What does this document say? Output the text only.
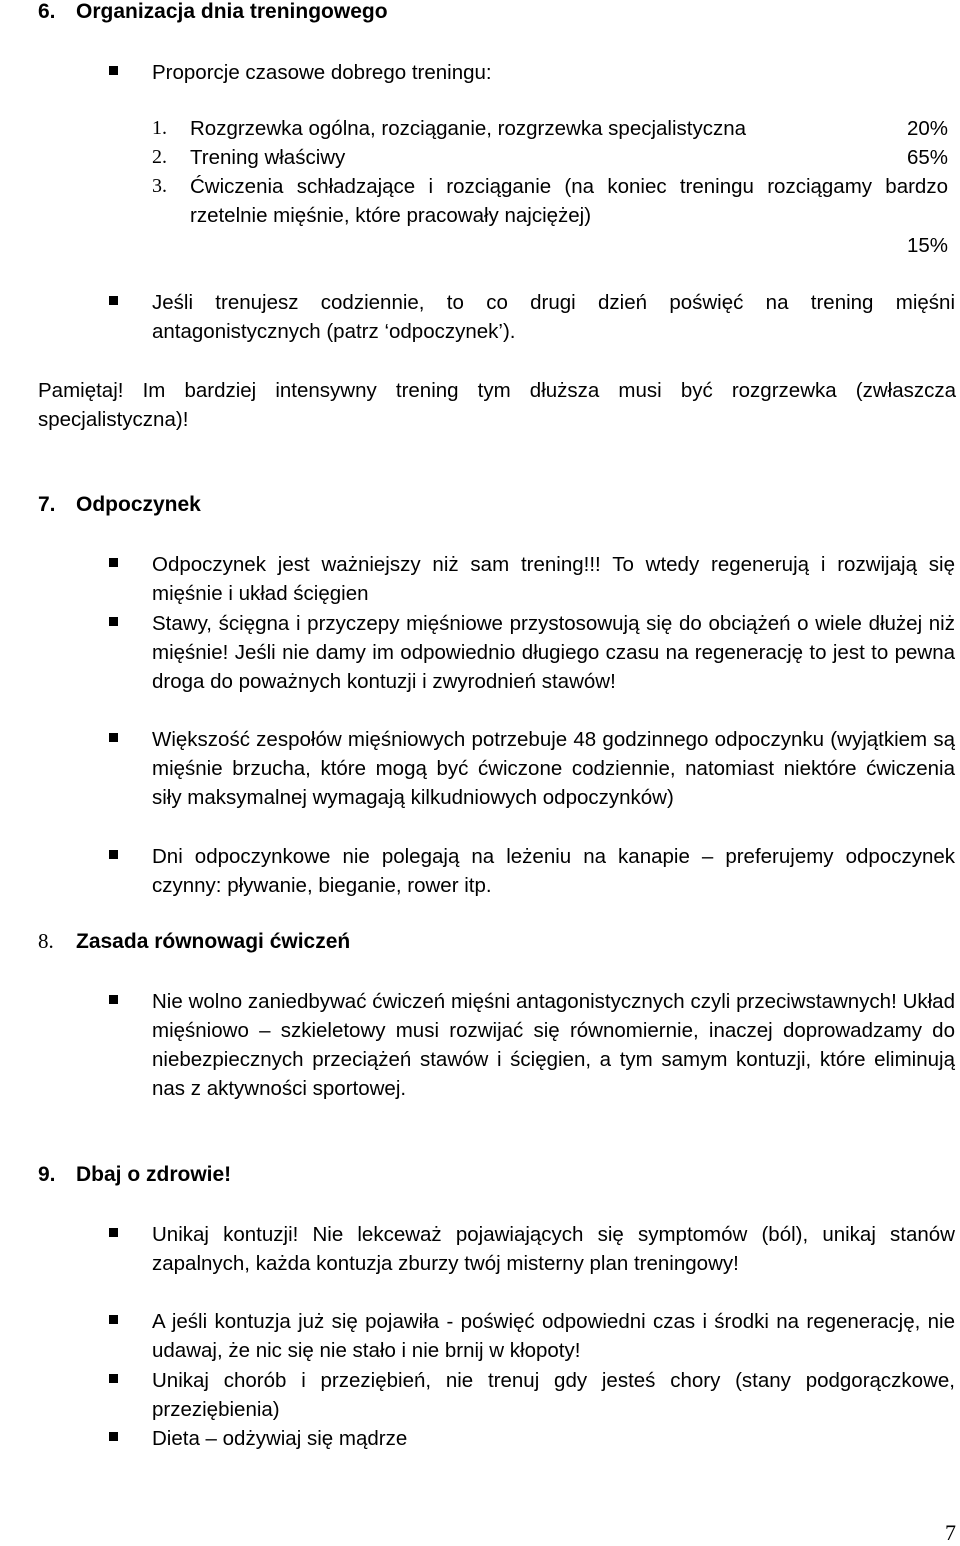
6. Organizacja dnia treningowego
Proporcje czasowe dobrego treningu:
1. Rozgrzewka ogólna, rozciąganie, rozgrzewka specjalistyczna	20%
2. Trening właściwy	65%
3. Ćwiczenia schładzające i rozciąganie (na koniec treningu rozciągamy bardzo rzetelnie mięśnie, które pracowały najciężej)
15%
Jeśli trenujesz codziennie, to co drugi dzień poświęć na trening mięśni antagonistycznych (patrz ‘odpoczynek’).
Pamiętaj! Im bardziej intensywny trening tym dłuższa musi być rozgrzewka (zwłaszcza specjalistyczna)!
7. Odpoczynek
Odpoczynek jest ważniejszy niż sam trening!!! To wtedy regenerują i rozwijają się mięśnie i układ ścięgien
Stawy, ścięgna i przyczepy mięśniowe przystosowują się do obciążeń o wiele dłużej niż mięśnie! Jeśli nie damy im odpowiednio długiego czasu na regenerację to jest to pewna droga do poważnych kontuzji i zwyrodnień stawów!
Większość zespołów mięśniowych potrzebuje 48 godzinnego odpoczynku (wyjątkiem są mięśnie brzucha, które mogą być ćwiczone codziennie, natomiast niektóre ćwiczenia siły maksymalnej wymagają kilkudniowych odpoczynków)
Dni odpoczynkowe nie polegają na leżeniu na kanapie – preferujemy odpoczynek czynny: pływanie, bieganie, rower itp.
8. Zasada równowagi ćwiczeń
Nie wolno zaniedbywać ćwiczeń mięśni antagonistycznych czyli przeciwstawnych! Układ mięśniowo – szkieletowy musi rozwijać się równomiernie, inaczej doprowadzamy do niebezpiecznych przeciążeń stawów i ścięgien, a tym samym kontuzji, które eliminują nas z aktywności sportowej.
9. Dbaj o zdrowie!
Unikaj kontuzji! Nie lekceważ pojawiających się symptomów (ból), unikaj stanów zapalnych, każda kontuzja zburzy twój misterny plan treningowy!
A jeśli kontuzja już się pojawiła - poświęć odpowiedni czas i środki na regenerację, nie udawaj, że nic się nie stało i nie brnij w kłopoty!
Unikaj chorób i przeziębień, nie trenuj gdy jesteś chory (stany podgorączkowe, przeziębienia)
Dieta – odżywiaj się mądrze
7
